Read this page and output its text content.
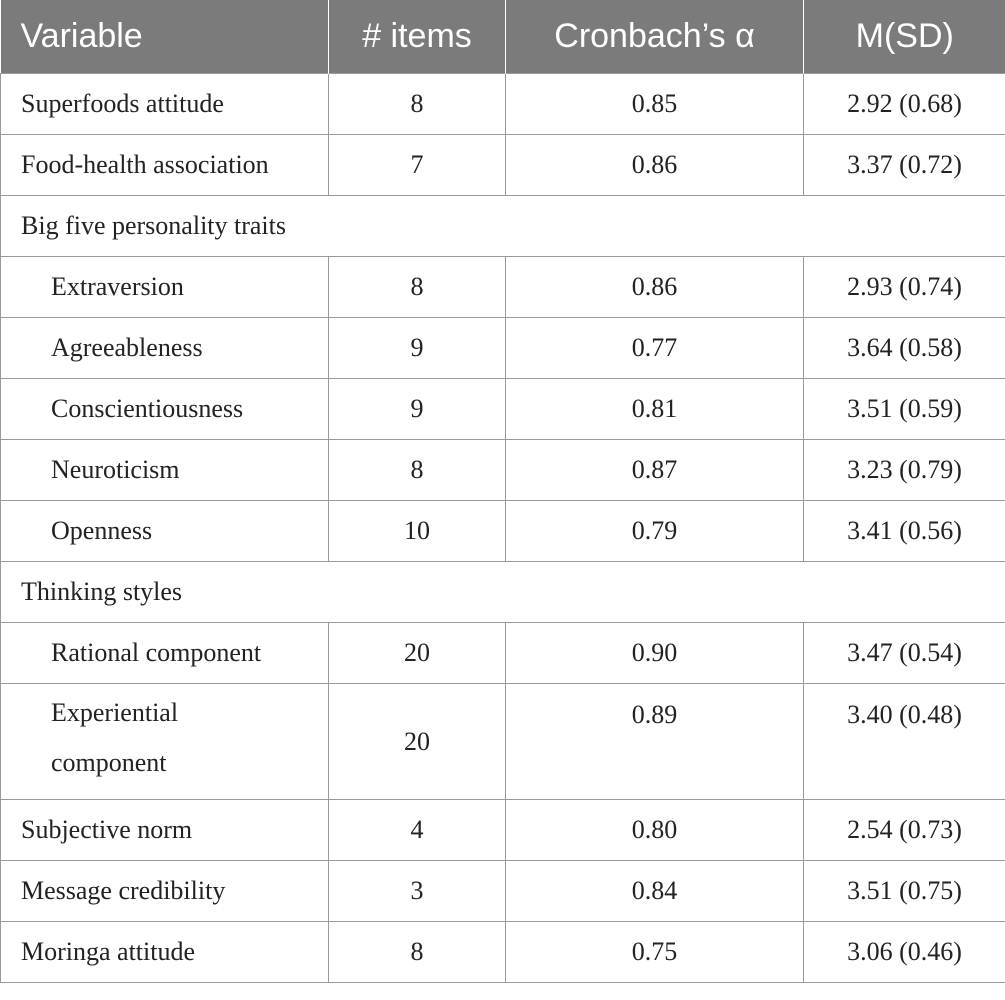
Variable	# items	Cronbach’s α	M(SD)
Superfoods attitude	8	0.85	2.92 (0.68)
Food-health association	7	0.86	3.37 (0.72)
Big five personality traits			
Extraversion	8	0.86	2.93 (0.74)
Agreeableness	9	0.77	3.64 (0.58)
Conscientiousness	9	0.81	3.51 (0.59)
Neuroticism	8	0.87	3.23 (0.79)
Openness	10	0.79	3.41 (0.56)
Thinking styles			
Rational component	20	0.90	3.47 (0.54)
Experiential
component	20	0.89	3.40 (0.48)
Subjective norm	4	0.80	2.54 (0.73)
Message credibility	3	0.84	3.51 (0.75)
Moringa attitude	8	0.75	3.06 (0.46)
